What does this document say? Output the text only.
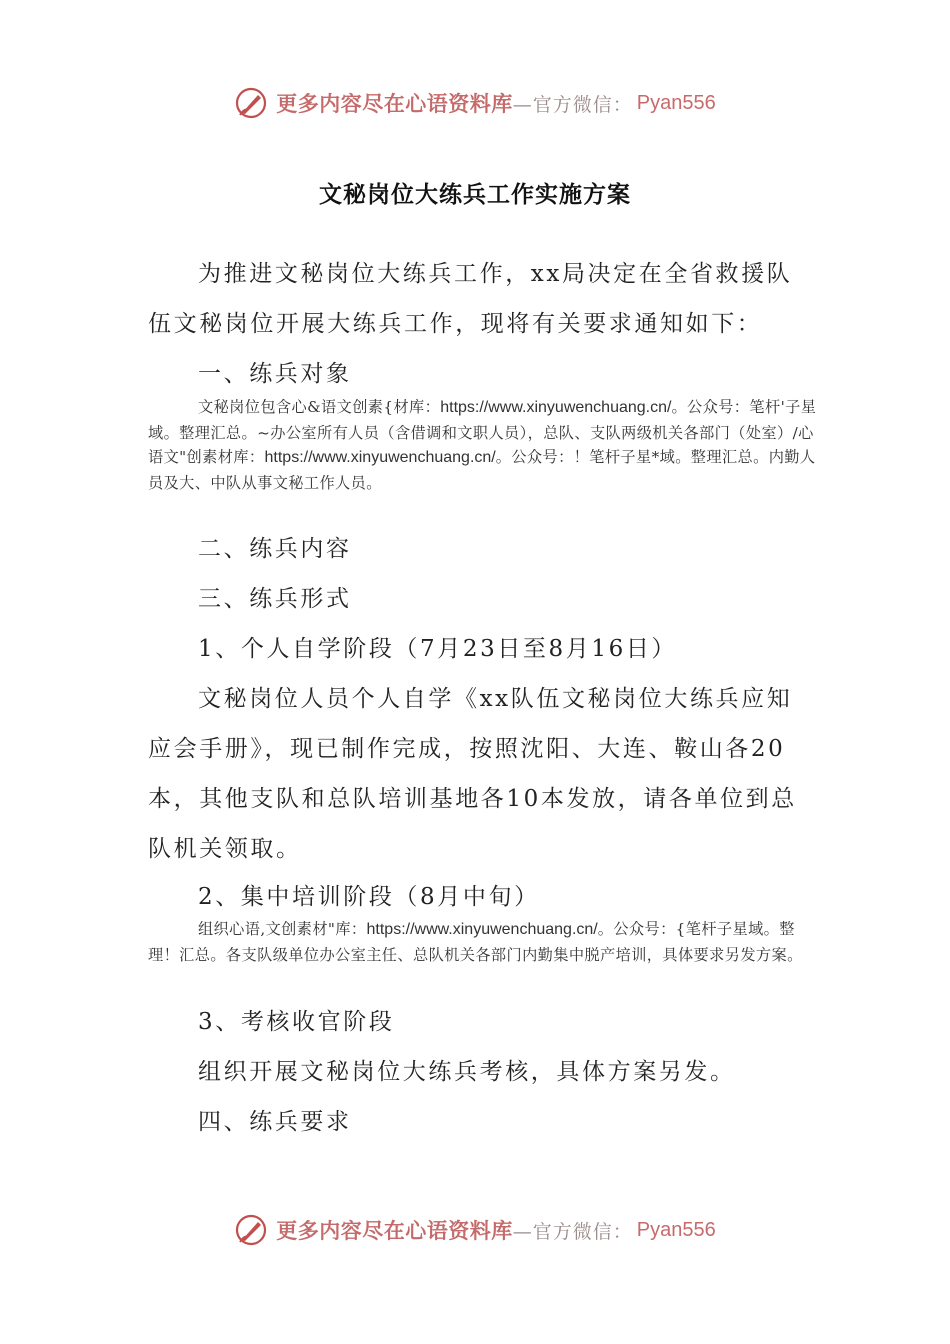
更多内容尽在心语资料库 —官方微信： Pyan556
文秘岗位大练兵工作实施方案
为推进文秘岗位大练兵工作，xx局决定在全省救援队
伍文秘岗位开展大练兵工作，现将有关要求通知如下：
一、练兵对象
文秘岗位包含心&语文创素{材库：https://www.xinyuwenchuang.cn/。公众号：笔杆'子星域。整理汇总。~办公室所有人员（含借调和文职人员），总队、支队两级机关各部门（处室）/心语文"创素材库：https://www.xinyuwenchuang.cn/。公众号：！笔杆子星*域。整理汇总。内勤人员及大、中队从事文秘工作人员。
二、练兵内容
三、练兵形式
1、个人自学阶段（7月23日至8月16日）
文秘岗位人员个人自学《xx队伍文秘岗位大练兵应知
应会手册》，现已制作完成，按照沈阳、大连、鞍山各20
本，其他支队和总队培训基地各10本发放，请各单位到总
队机关领取。
2、集中培训阶段（8月中旬）
组织心语,文创素材"库：https://www.xinyuwenchuang.cn/。公众号：{笔杆子星域。整理！汇总。各支队级单位办公室主任、总队机关各部门内勤集中脱产培训，具体要求另发方案。
3、考核收官阶段
组织开展文秘岗位大练兵考核，具体方案另发。
四、练兵要求
更多内容尽在心语资料库 —官方微信： Pyan556
